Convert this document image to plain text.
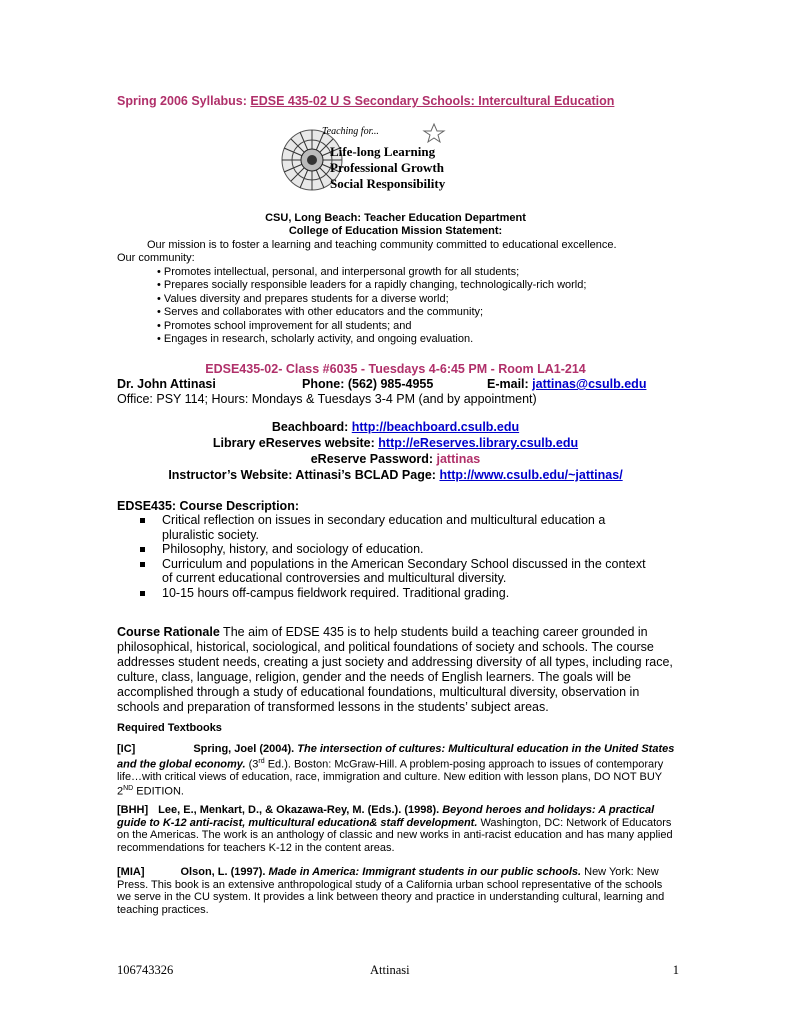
Spring 2006 Syllabus: EDSE 435-02 U S Secondary Schools: Intercultural Education
Teaching for...
Life-long Learning
Professional Growth
Social Responsibility
CSU, Long Beach: Teacher Education Department
College of Education Mission Statement:
Our mission is to foster a learning and teaching community committed to educational excellence.
Our community:
• Promotes intellectual, personal, and interpersonal growth for all students;
• Prepares socially responsible leaders for a rapidly changing, technologically-rich world;
• Values diversity and prepares students for a diverse world;
• Serves and collaborates with other educators and the community;
• Promotes school improvement for all students; and
• Engages in research, scholarly activity, and ongoing evaluation.
EDSE435-02- Class #6035 - Tuesdays 4-6:45 PM - Room LA1-214
Dr. John Attinasi	Phone: (562) 985-4955	E-mail: jattinas@csulb.edu
Office: PSY 114; Hours: Mondays & Tuesdays 3-4 PM (and by appointment)
Beachboard: http://beachboard.csulb.edu
Library eReserves website: http://eReserves.library.csulb.edu
eReserve Password: jattinas
Instructor’s Website: Attinasi’s BCLAD Page: http://www.csulb.edu/~jattinas/
EDSE435: Course Description:
Critical reflection on issues in secondary education and multicultural education a pluralistic society.
Philosophy, history, and sociology of education.
Curriculum and populations in the American Secondary School discussed in the context of current educational controversies and multicultural diversity.
10-15 hours off-campus fieldwork required. Traditional grading.
Course Rationale The aim of EDSE 435 is to help students build a teaching career grounded in philosophical, historical, sociological, and political foundations of society and schools. The course addresses student needs, creating a just society and addressing diversity of all types, including race, culture, class, language, religion, gender and the needs of English learners. The goals will be accomplished through a study of educational foundations, multicultural diversity, observation in schools and preparation of transformed lessons in the students’ subject areas.
Required Textbooks
[IC]	Spring, Joel (2004). The intersection of cultures: Multicultural education in the United States and the global economy. (3rd Ed.). Boston: McGraw-Hill. A problem-posing approach to issues of contemporary life…with critical views of education, race, immigration and culture. New edition with lesson plans, DO NOT BUY 2ND EDITION.
[BHH] Lee, E., Menkart, D., & Okazawa-Rey, M. (Eds.). (1998). Beyond heroes and holidays: A practical guide to K-12 anti-racist, multicultural education& staff development. Washington, DC: Network of Educators on the Americas. The work is an anthology of classic and new works in anti-racist education and has many applied recommendations for teachers K-12 in the content areas.
[MIA]	Olson, L. (1997). Made in America: Immigrant students in our public schools. New York: New Press. This book is an extensive anthropological study of a California urban school representative of the schools we serve in the CU system. It provides a link between theory and practice in understanding cultural, learning and teaching practices.
106743326	Attinasi	1
